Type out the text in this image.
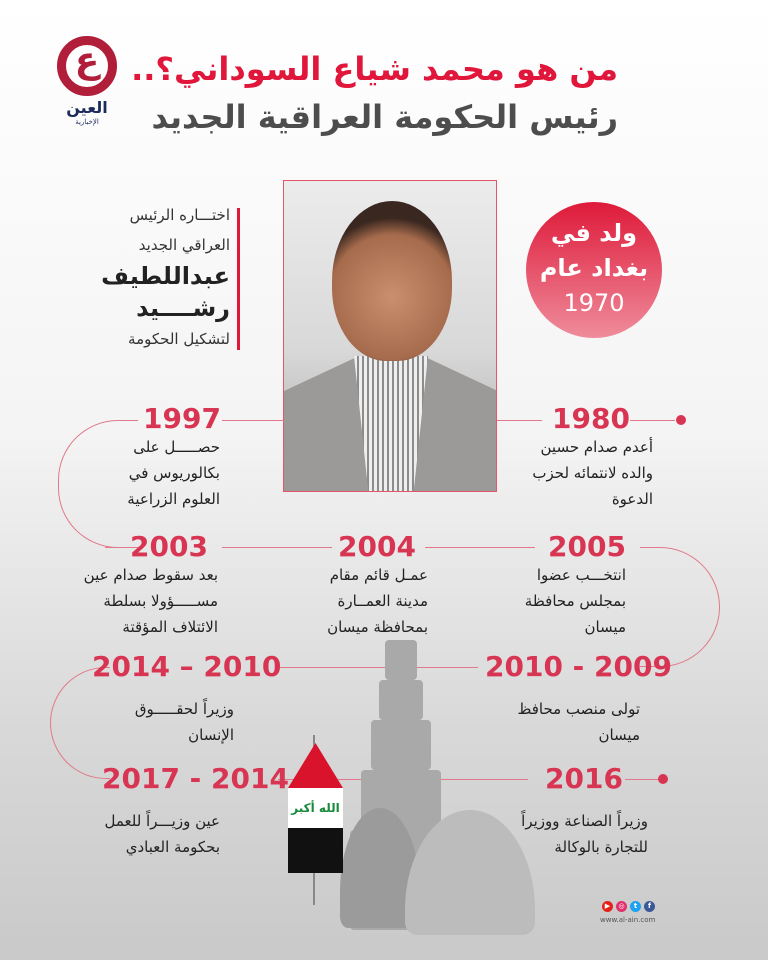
ع
العين
الإخبارية
من هو محمد شياع السوداني؟..
رئيس الحكومة العراقية الجديد
اختـــاره الرئيس
العراقي الجديد
عبداللطيف
رشــــيد
لتشكيل الحكومة
ولد في
بغداد عام
1970
الله أكبر
1980
أعدم صدام حسين
والده لانتمائه لحزب
الدعوة
1997
حصـــــل على
بكالوريوس في
العلوم الزراعية
2005
انتخـــب عضوا
بمجلس محافظة
ميسان
2004
عمـل قائم مقام
مدينة العمــارة
بمحافظة ميسان
2003
بعد سقوط صدام عين
مســـــؤولا بسلطة
الائتلاف المؤقتة
2010 - 2009
تولى منصب محافظ
ميسان
2014 – 2010
وزيراً لحقـــــوق
الإنسان
2016
وزيراً الصناعة ووزيراً
للتجارة بالوكالة
2017 - 2014
عين وزيـــراً للعمل
بحكومة العبادي
▶	◎	t	f
www.al-ain.com
